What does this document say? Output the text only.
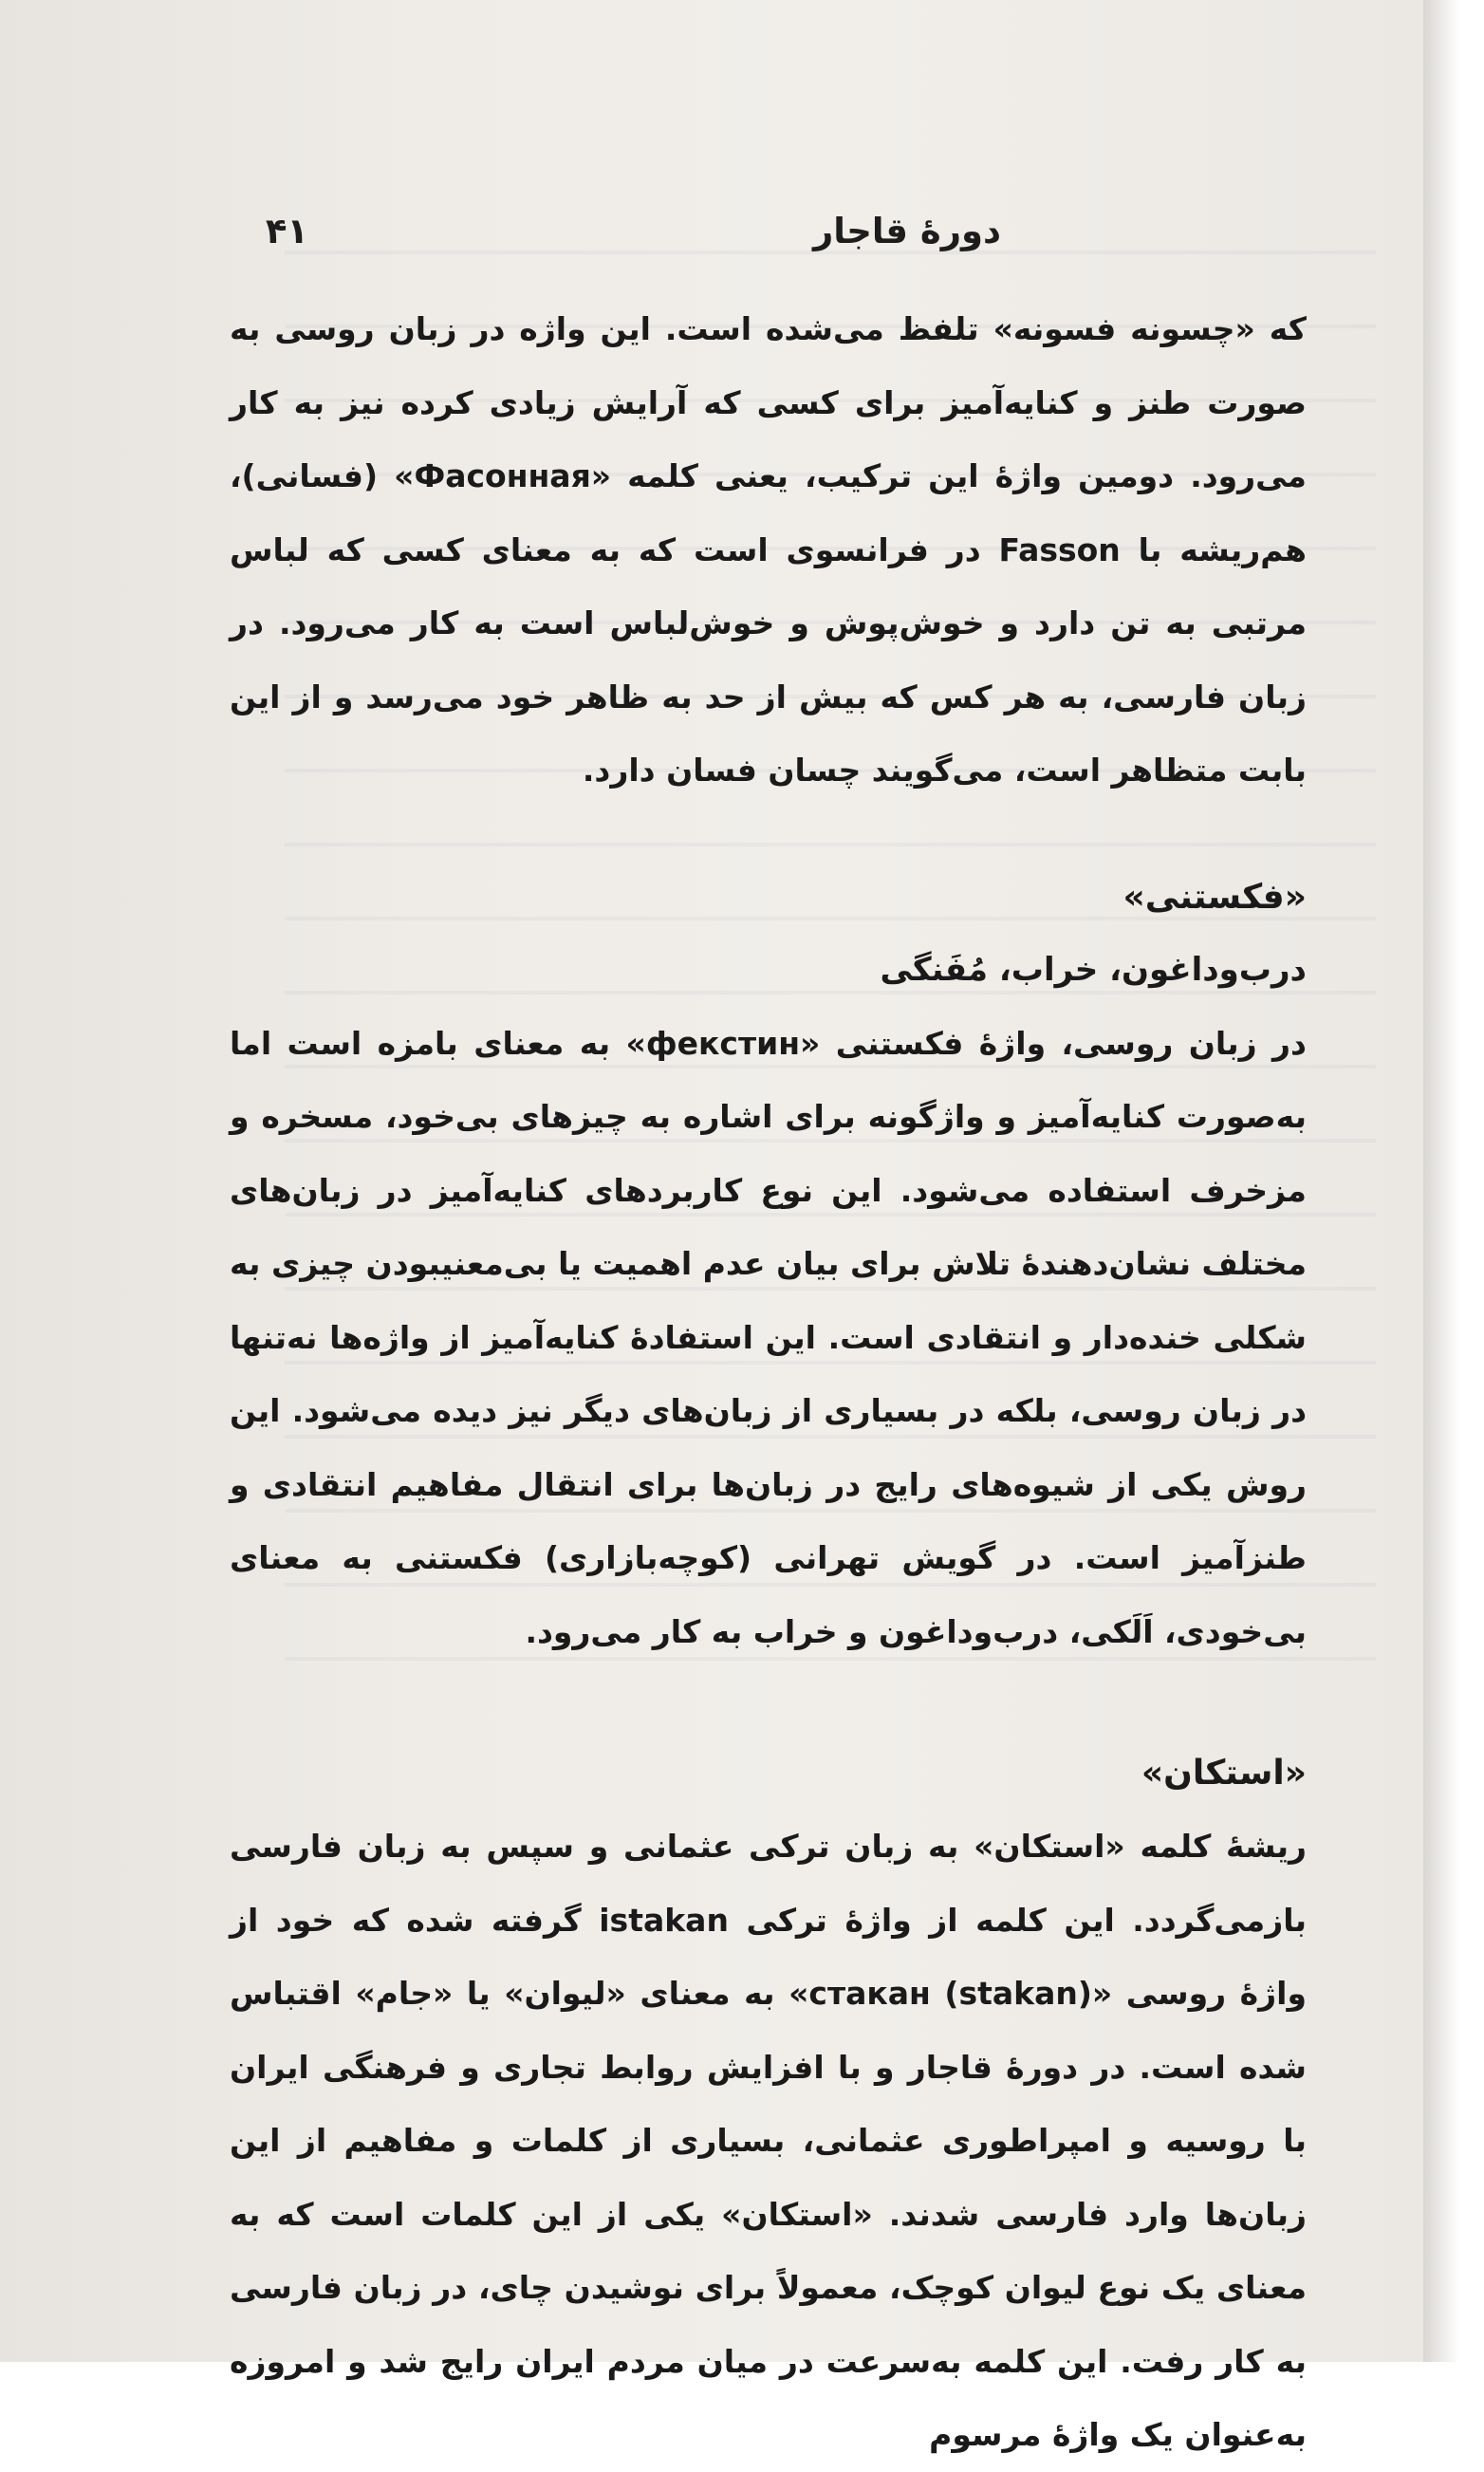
دورهٔ قاجار
۴۱

که «چسونه فسونه» تلفظ می‌شده است. این واژه در زبان روسی به صورت طنز و کنایه‌آمیز برای کسی که آرایش زیادی کرده نیز به کار می‌رود. دومین واژهٔ این ترکیب، یعنی کلمه «Фасонная» (فسانی)، هم‌ریشه با Fasson در فرانسوی است که به معنای کسی که لباس مرتبی به تن دارد و خوش‌پوش و خوش‌لباس است به کار می‌رود. در زبان فارسی، به هر کس که بیش از حد به ظاهر خود می‌رسد و از این بابت متظاهر است، می‌گویند چسان فسان دارد.

«فکستنی»
درب‌وداغون، خراب، مُفَنگی

در زبان روسی، واژهٔ فکستنی «фекстин» به معنای بامزه است اما به‌صورت کنایه‌آمیز و واژگونه برای اشاره به چیزهای بی‌خود، مسخره و مزخرف استفاده می‌شود. این نوع کاربردهای کنایه‌آمیز در زبان‌های مختلف نشان‌دهندهٔ تلاش برای بیان عدم اهمیت یا بی‌معنیبودن چیزی به شکلی خنده‌دار و انتقادی است. این استفادهٔ کنایه‌آمیز از واژه‌ها نه‌تنها در زبان روسی، بلکه در بسیاری از زبان‌های دیگر نیز دیده می‌شود. این روش یکی از شیوه‌های رایج در زبان‌ها برای انتقال مفاهیم انتقادی و طنزآمیز است. در گویش تهرانی (کوچه‌بازاری) فکستنی به معنای بی‌خودی، اَلَکی، درب‌وداغون و خراب به کار می‌رود.

«استکان»

ریشهٔ کلمه «استکان» به زبان ترکی عثمانی و سپس به زبان فارسی بازمی‌گردد. این کلمه از واژهٔ ترکی istakan گرفته شده که خود از واژهٔ روسی «стакан (stakan)» به معنای «لیوان» یا «جام» اقتباس شده است. در دورهٔ قاجار و با افزایش روابط تجاری و فرهنگی ایران با روسیه و امپراطوری عثمانی، بسیاری از کلمات و مفاهیم از این زبان‌ها وارد فارسی شدند. «استکان» یکی از این کلمات است که به معنای یک نوع لیوان کوچک، معمولاً برای نوشیدن چای، در زبان فارسی به کار رفت. این کلمه به‌سرعت در میان مردم ایران رایج شد و امروزه به‌عنوان یک واژهٔ مرسوم
